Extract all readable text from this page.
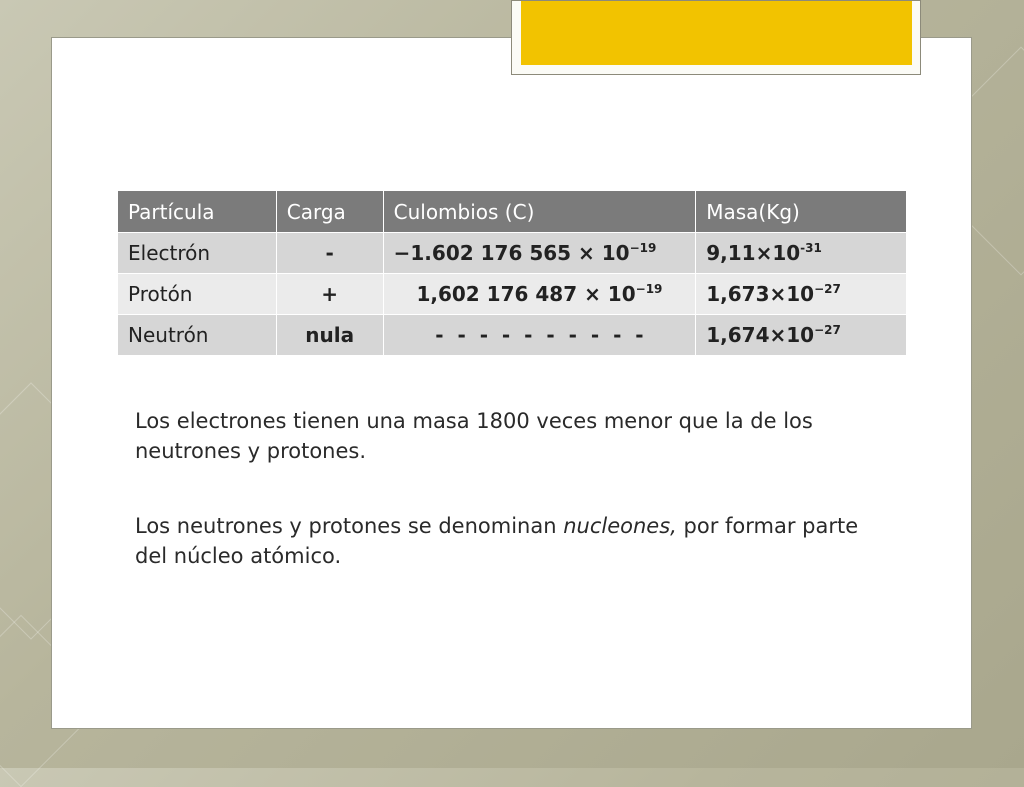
Partícula	Carga	Culombios (C)	Masa(Kg)
Electrón	-	−1.602 176 $565 \times 10^{-19}$	$9,11\times 10^{-31}$
Protón	+	1,602 176 $487 \times 10^{-19}$	$1,673\times 10^{-27}$
Neutrón	nula	-  -  -  -  -  -  -  -  -  -	$1,674\times 10^{-27}$

Los electrones tienen una masa 1800 veces menor que la de los neutrones y protones.

Los neutrones y protones se denominan nucleones, por formar parte del núcleo atómico.
